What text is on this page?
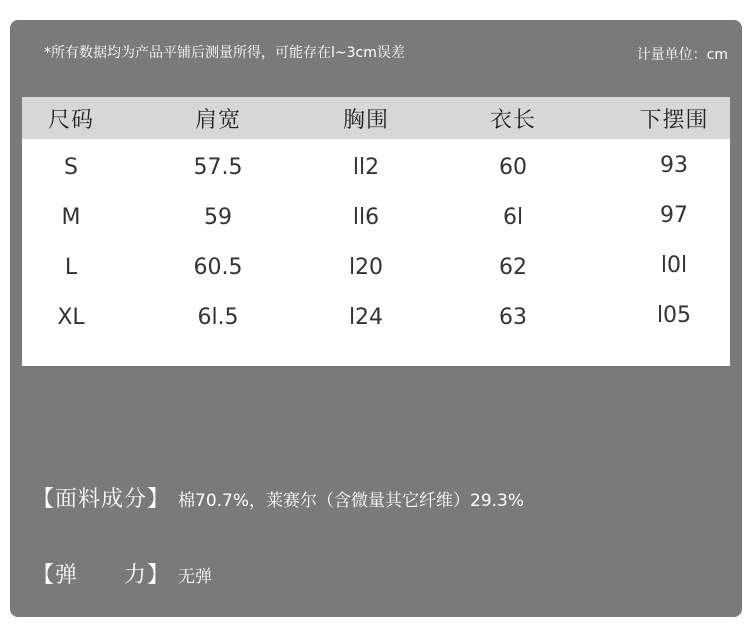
*所有数据均为产品平铺后测量所得，可能存在l~3cm误差	计量单位：cm
尺码	肩宽	胸围	衣长	下摆围
S	57.5	ll2	60	93
M	59	ll6	6l	97
L	60.5	l20	62	l0l
XL	6l.5	l24	63	l05
【面料成分】 棉70.7%，莱赛尔（含微量其它纤维）29.3%
【弹　　力】 无弹
